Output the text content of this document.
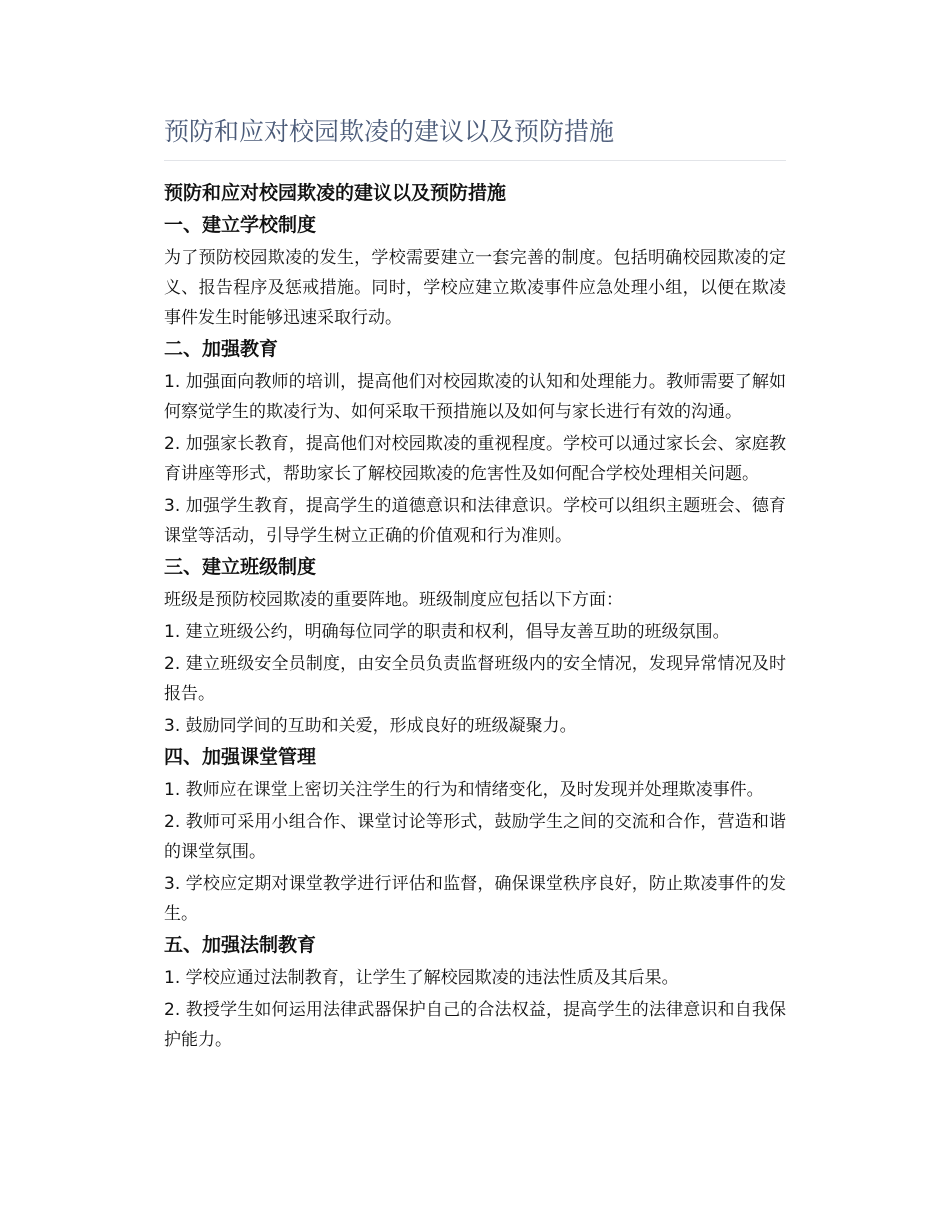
预防和应对校园欺凌的建议以及预防措施
预防和应对校园欺凌的建议以及预防措施
一、建立学校制度

为了预防校园欺凌的发生，学校需要建立一套完善的制度。包括明确校园欺凌的定义、报告程序及惩戒措施。同时，学校应建立欺凌事件应急处理小组，以便在欺凌事件发生时能够迅速采取行动。

二、加强教育

1. 加强面向教师的培训，提高他们对校园欺凌的认知和处理能力。教师需要了解如何察觉学生的欺凌行为、如何采取干预措施以及如何与家长进行有效的沟通。

2. 加强家长教育，提高他们对校园欺凌的重视程度。学校可以通过家长会、家庭教育讲座等形式，帮助家长了解校园欺凌的危害性及如何配合学校处理相关问题。

3. 加强学生教育，提高学生的道德意识和法律意识。学校可以组织主题班会、德育课堂等活动，引导学生树立正确的价值观和行为准则。

三、建立班级制度

班级是预防校园欺凌的重要阵地。班级制度应包括以下方面：

1. 建立班级公约，明确每位同学的职责和权利，倡导友善互助的班级氛围。

2. 建立班级安全员制度，由安全员负责监督班级内的安全情况，发现异常情况及时报告。

3. 鼓励同学间的互助和关爱，形成良好的班级凝聚力。

四、加强课堂管理

1. 教师应在课堂上密切关注学生的行为和情绪变化，及时发现并处理欺凌事件。

2. 教师可采用小组合作、课堂讨论等形式，鼓励学生之间的交流和合作，营造和谐的课堂氛围。

3. 学校应定期对课堂教学进行评估和监督，确保课堂秩序良好，防止欺凌事件的发生。

五、加强法制教育

1. 学校应通过法制教育，让学生了解校园欺凌的违法性质及其后果。

2. 教授学生如何运用法律武器保护自己的合法权益，提高学生的法律意识和自我保护能力。
